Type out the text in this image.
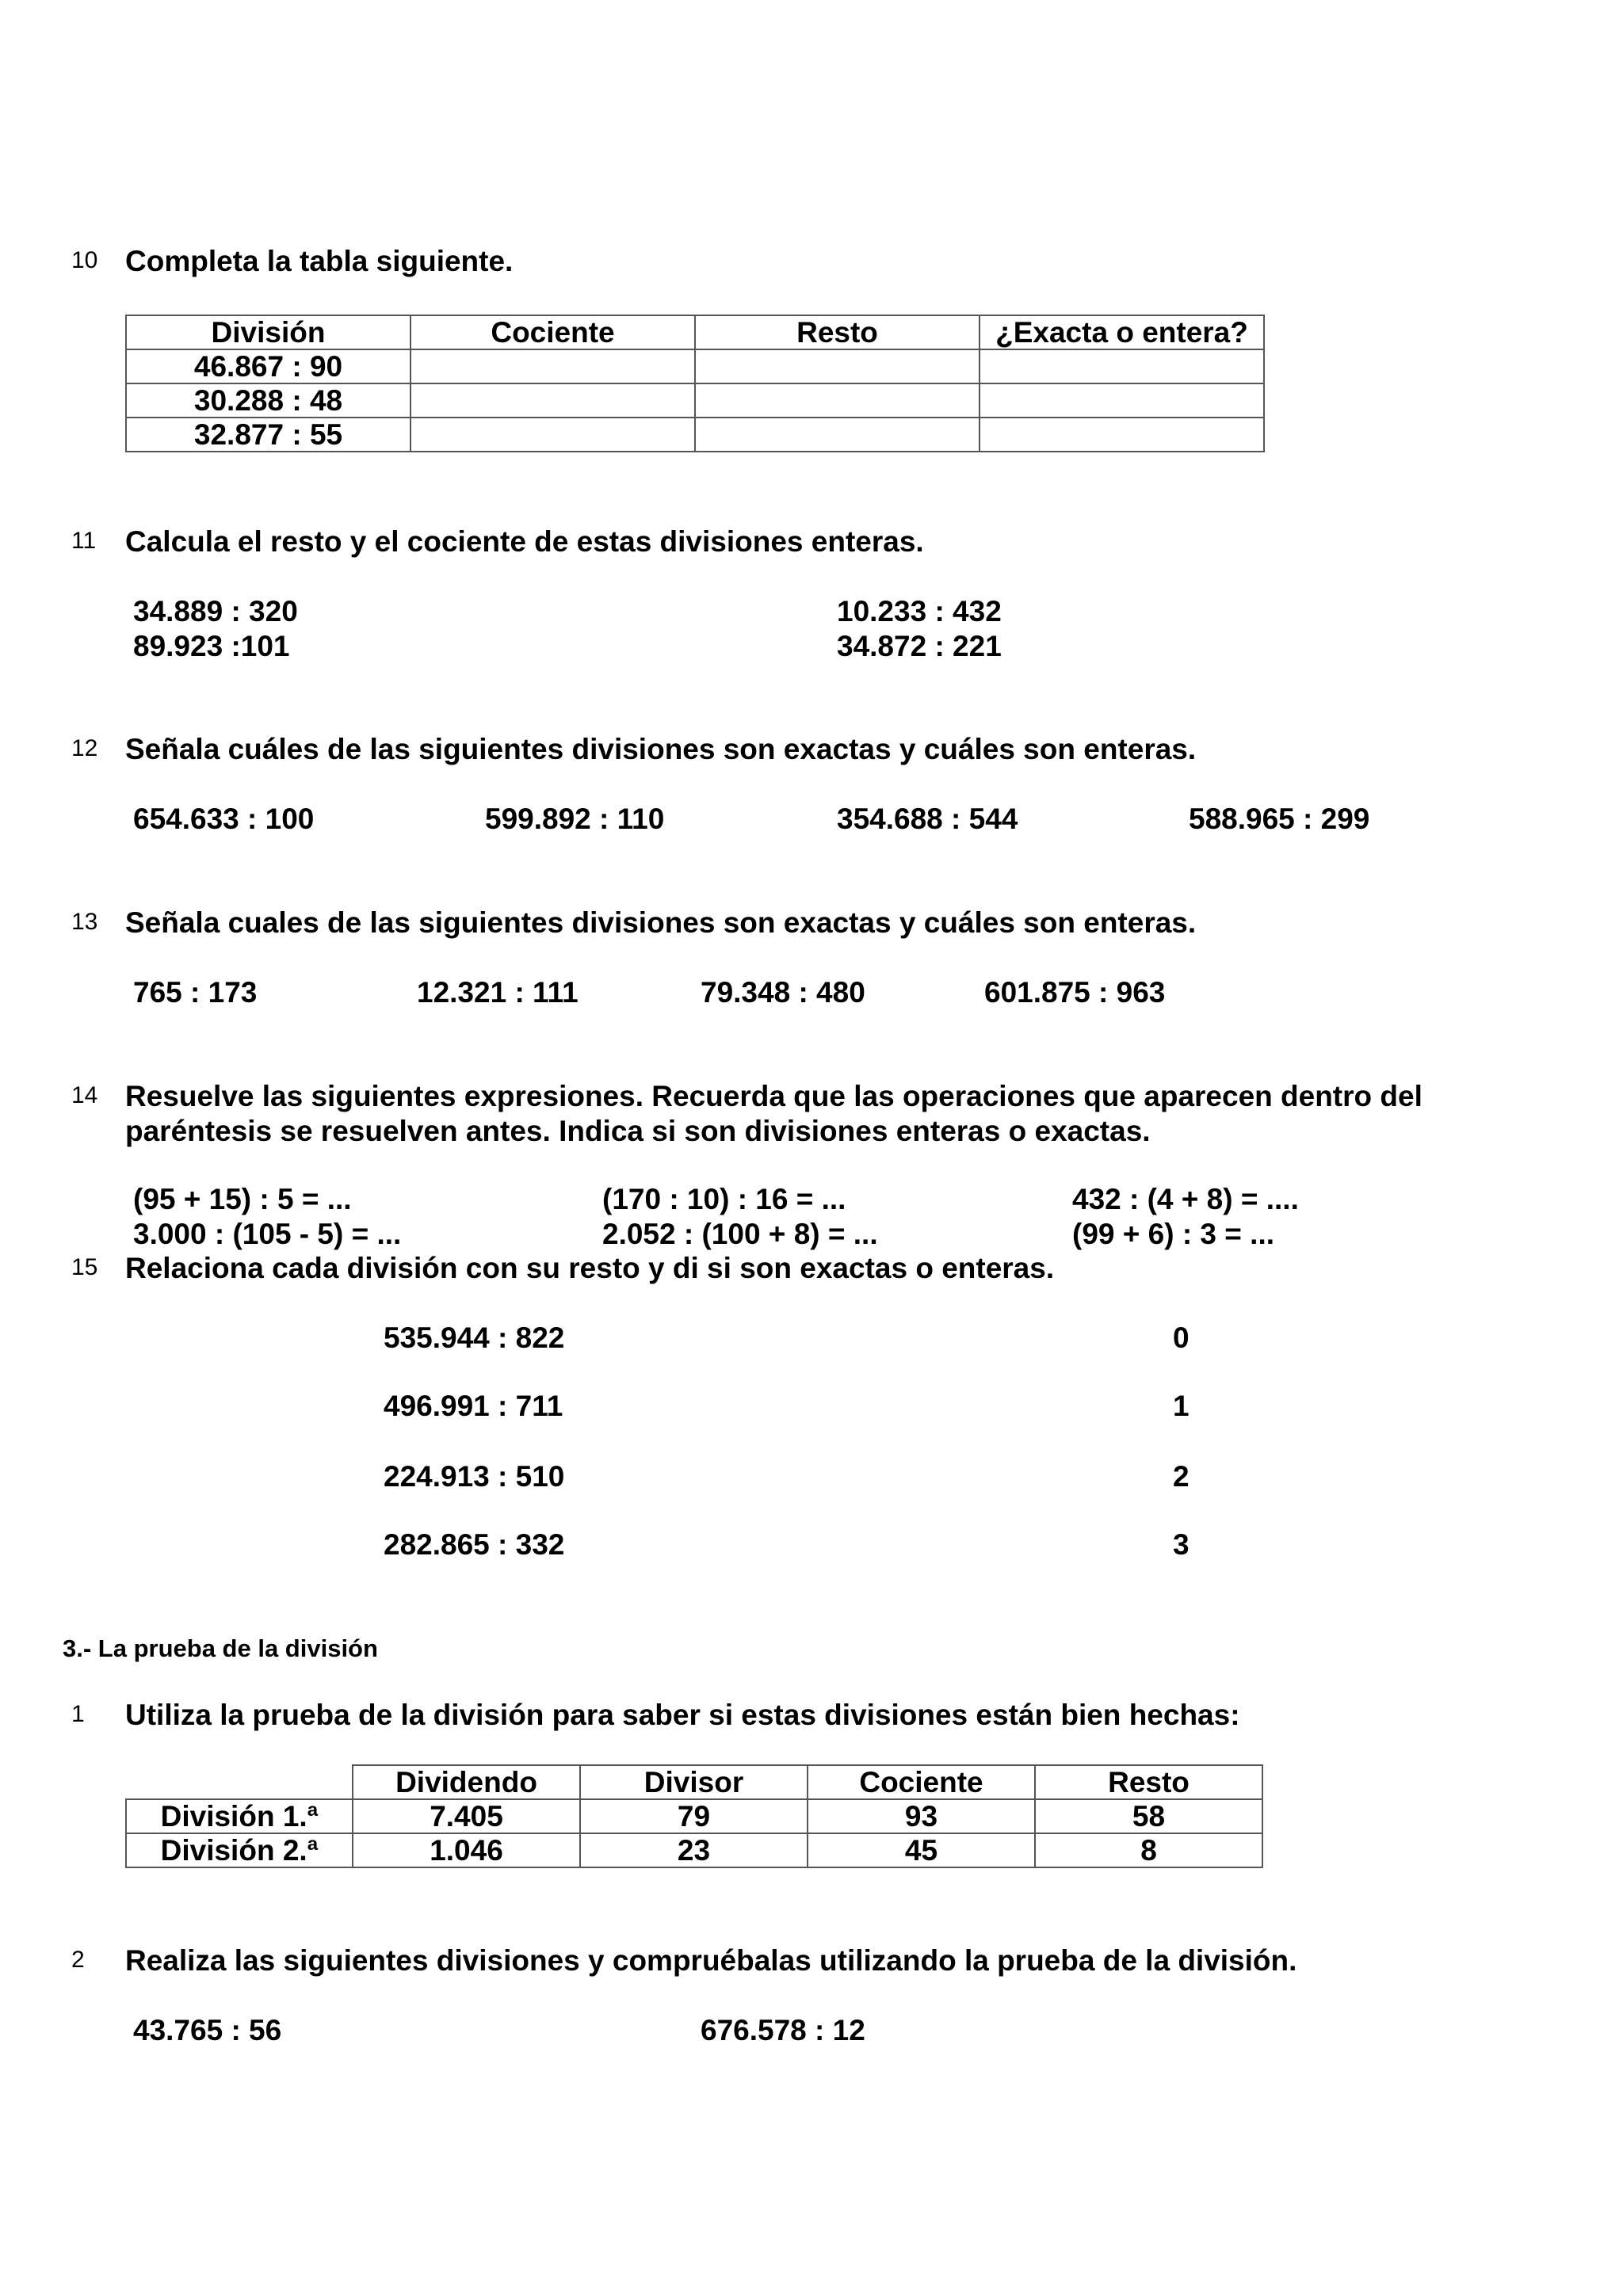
10 Completa la tabla siguiente.
División	Cociente	Resto	¿Exacta o entera?
46.867 : 90			
30.288 : 48			
32.877 : 55			
11 Calcula el resto y el cociente de estas divisiones enteras.
34.889 : 320	10.233 : 432
89.923 :101	34.872 : 221
12 Señala cuáles de las siguientes divisiones son exactas y cuáles son enteras.
654.633 : 100	599.892 : 110	354.688 : 544	588.965 : 299
13 Señala cuales de las siguientes divisiones son exactas y cuáles son enteras.
765 : 173	12.321 : 111	79.348 : 480	601.875 : 963
14 Resuelve las siguientes expresiones. Recuerda que las operaciones que aparecen dentro del
paréntesis se resuelven antes. Indica si son divisiones enteras o exactas.
(95 + 15) : 5 = ...	(170 : 10) : 16 = ...	432 : (4 + 8) = ....
3.000 : (105 - 5) = ...	2.052 : (100 + 8) = ...	(99 + 6) : 3 = ...
15 Relaciona cada división con su resto y di si son exactas o enteras.
535.944 : 822	0
496.991 : 711	1
224.913 : 510	2
282.865 : 332	3
3.- La prueba de la división
1 Utiliza la prueba de la división para saber si estas divisiones están bien hechas:
	Dividendo	Divisor	Cociente	Resto
División 1.ª	7.405	79	93	58
División 2.ª	1.046	23	45	8
2 Realiza las siguientes divisiones y compruébalas utilizando la prueba de la división.
43.765 : 56	676.578 : 12
